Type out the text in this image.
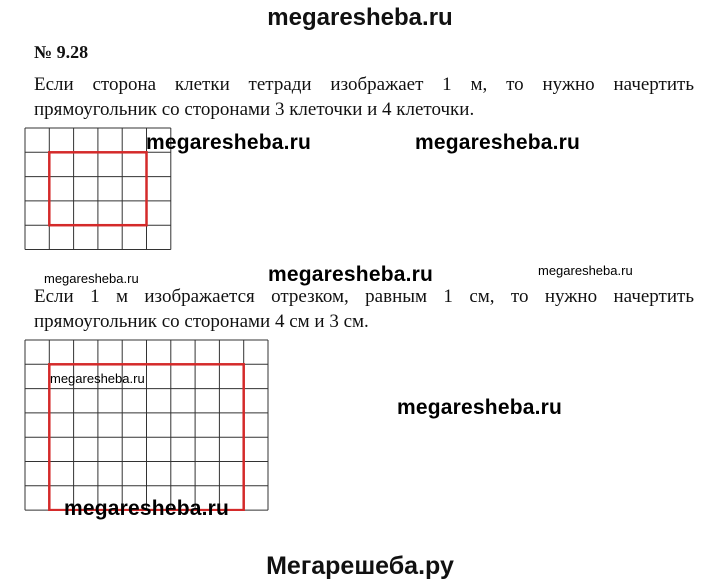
megaresheba.ru
№ 9.28
Если сторона клетки тетради изображает 1 м, то нужно начертить прямоугольник со сторонами 3 клеточки и 4 клеточки.
Если 1 м изображается отрезком, равным 1 см, то нужно начертить прямоугольник со сторонами 4 см и 3 см.
megaresheba.ru	megaresheba.ru
megaresheba.ru	megaresheba.ru	megaresheba.ru
megaresheba.ru
megaresheba.ru
megaresheba.ru
Мегарешеба.ру
